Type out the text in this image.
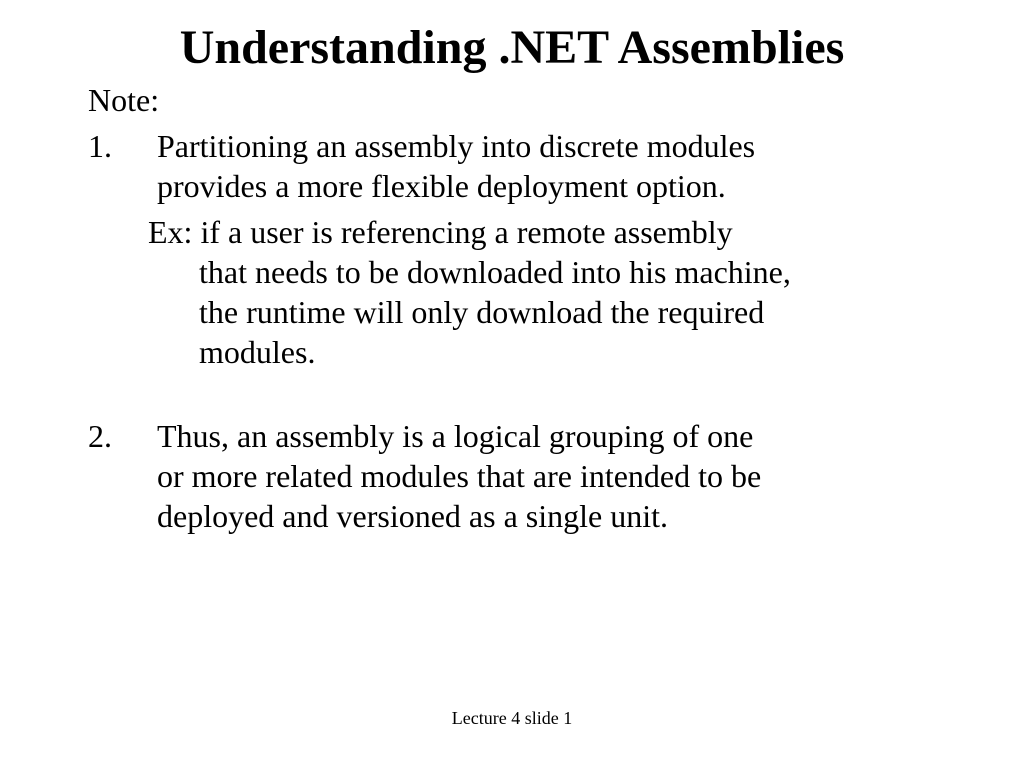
Understanding .NET Assemblies
Note:
1. Partitioning an assembly into discrete modules
provides a more flexible deployment option.
Ex: if a user is referencing a remote assembly
that needs to be downloaded into his machine,
the runtime will only download the required
modules.
2. Thus, an assembly is a logical grouping of one
or more related modules that are intended to be
deployed and versioned as a single unit.
Lecture 4 slide 1
